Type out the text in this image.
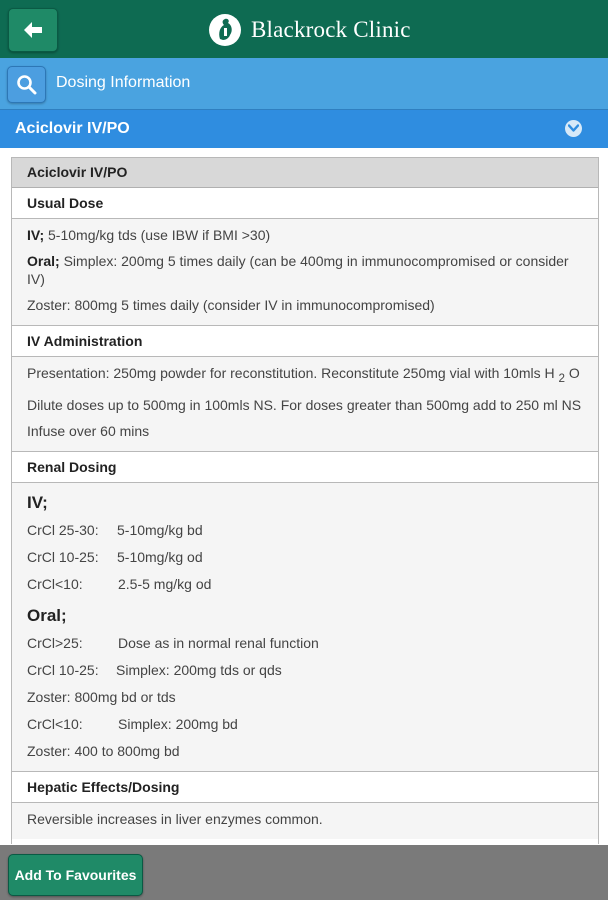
Blackrock Clinic
Dosing Information
Aciclovir IV/PO
Aciclovir IV/PO
Usual Dose

IV; 5-10mg/kg tds (use IBW if BMI >30)

Oral; Simplex: 200mg 5 times daily (can be 400mg in immunocompromised or consider IV)

Zoster: 800mg 5 times daily (consider IV in immunocompromised)

IV Administration

Presentation: 250mg powder for reconstitution. Reconstitute 250mg vial with 10mls H $_2$ O

Dilute doses up to 500mg in 100mls NS. For doses greater than 500mg add to 250 ml NS

Infuse over 60 mins

Renal Dosing
IV;
CrCl 25-30:	5-10mg/kg bd
CrCl 10-25:	5-10mg/kg od
CrCl<10:	2.5-5 mg/kg od
Oral;
CrCl>25:	Dose as in normal renal function
CrCl 10-25:	Simplex: 200mg tds or qds
Zoster: 800mg bd or tds
CrCl<10:	Simplex: 200mg bd
Zoster: 400 to 800mg bd
Hepatic Effects/Dosing

Reversible increases in liver enzymes common.

Add To Favourites
